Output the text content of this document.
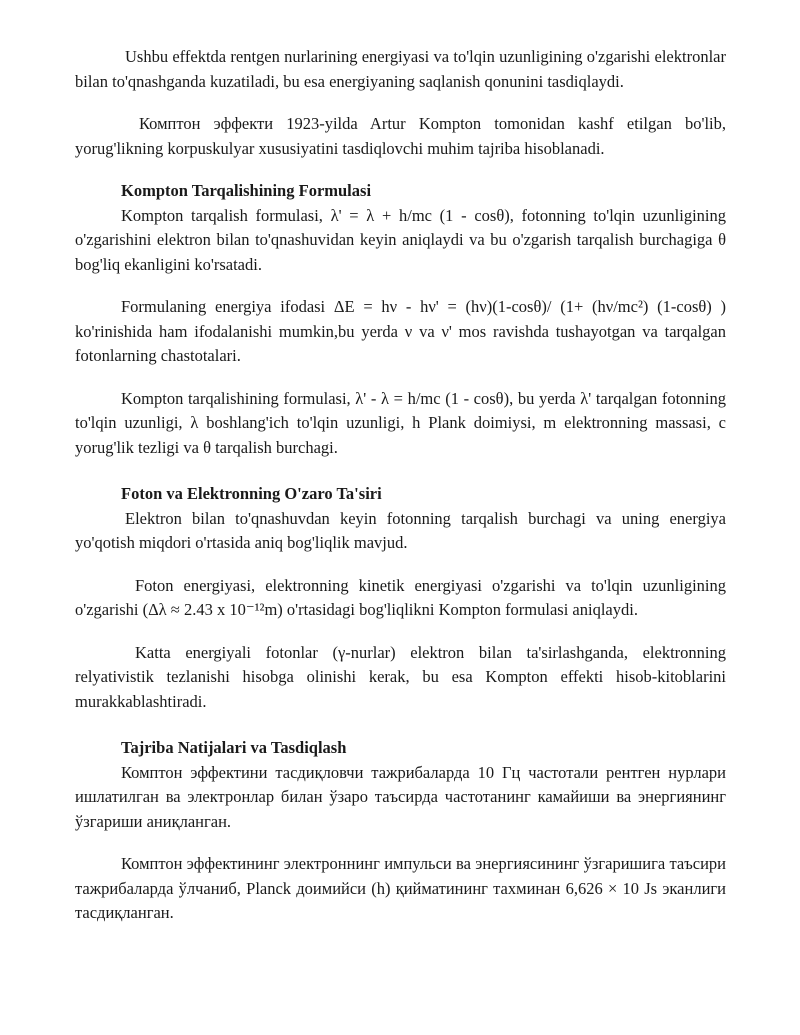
Ushbu effektda rentgen nurlarining energiyasi va to'lqin uzunligining o'zgarishi elektronlar bilan to'qnashganda kuzatiladi, bu esa energiyaning saqlanish qonunini tasdiqlaydi.

Комптон эффекти 1923-yilda Artur Kompton tomonidan kashf etilgan bo'lib, yorug'likning korpuskulyar xususiyatini tasdiqlovchi muhim tajriba hisoblanadi.

Kompton Tarqalishining Formulasi

Kompton tarqalish formulasi, λ' = λ + h/mc (1 - cosθ), fotonning to'lqin uzunligining o'zgarishini elektron bilan to'qnashuvidan keyin aniqlaydi va bu o'zgarish tarqalish burchagiga θ bog'liq ekanligini ko'rsatadi.

Formulaning energiya ifodasi ΔE = hν - hν' = (hν)(1-cosθ)/ (1+ (hν/mc²) (1-cosθ) ) ko'rinishida ham ifodalanishi mumkin,bu yerda ν va ν' mos ravishda tushayotgan va tarqalgan fotonlarning chastotalari.

Kompton tarqalishining formulasi, λ' - λ = h/mc (1 - cosθ), bu yerda λ' tarqalgan fotonning to'lqin uzunligi, λ boshlang'ich to'lqin uzunligi, h Plank doimiysi, m elektronning massasi, c yorug'lik tezligi va θ tarqalish burchagi.

Foton va Elektronning O'zaro Ta'siri

Elektron bilan to'qnashuvdan keyin fotonning tarqalish burchagi va uning energiya yo'qotish miqdori o'rtasida aniq bog'liqlik mavjud.

Foton energiyasi, elektronning kinetik energiyasi o'zgarishi va to'lqin uzunligining o'zgarishi (Δλ ≈ 2.43 x 10⁻¹²m) o'rtasidagi bog'liqlikni Kompton formulasi aniqlaydi.

Katta energiyali fotonlar (γ-nurlar) elektron bilan ta'sirlashganda, elektronning relyativistik tezlanishi hisobga olinishi kerak, bu esa Kompton effekti hisob-kitoblarini murakkablashtiradi.

Tajriba Natijalari va Tasdiqlash

Комптон эффектини тасдиқловчи тажрибаларда 10 Гц частотали рентген нурлари ишлатилган ва электронлар билан ўзаро таъсирда частотанинг камайиши ва энергиянинг ўзгариши аниқланган.

Комптон эффектининг электроннинг импульси ва энергиясининг ўзгаришига таъсири тажрибаларда ўлчаниб, Planck доимийси (h) қийматининг тахминан 6,626 × 10 Js эканлиги тасдиқланган.
